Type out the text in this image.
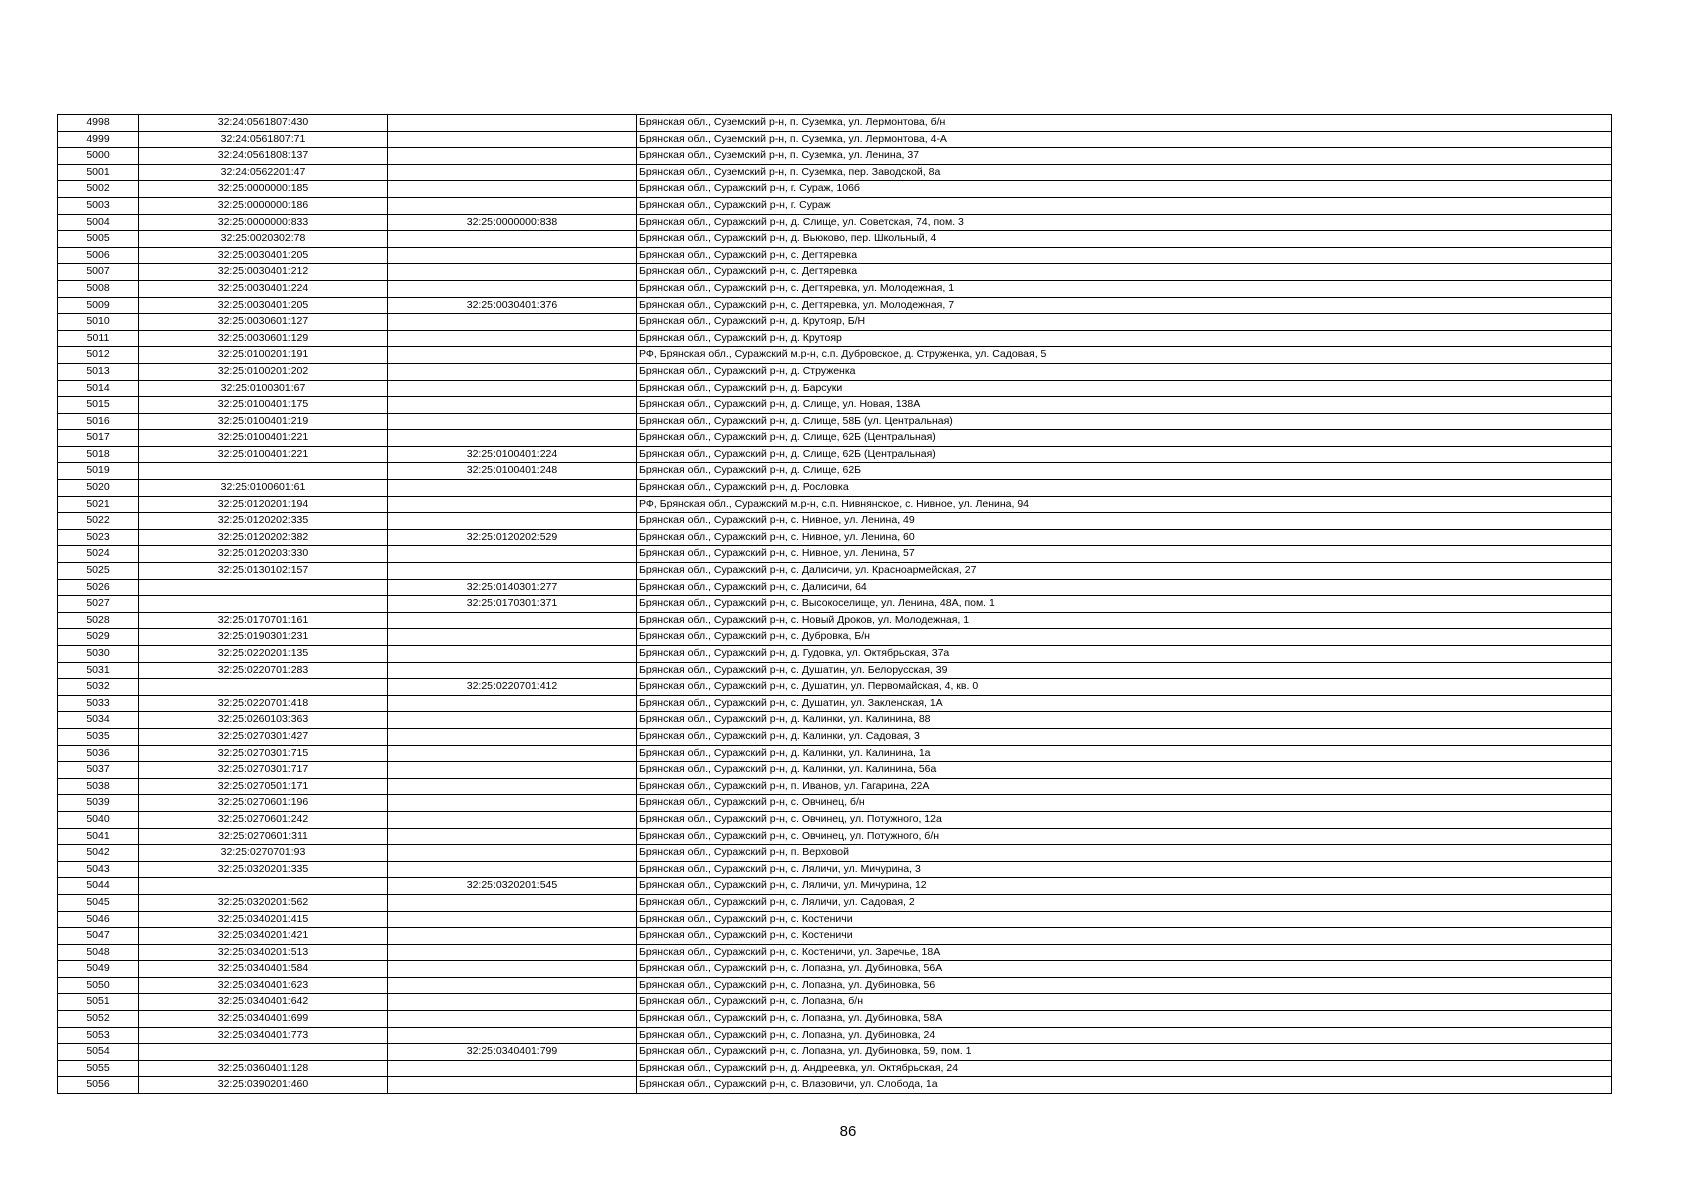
4998	32:24:0561807:430		Брянская обл., Суземский р-н, п. Суземка, ул. Лермонтова, б/н
4999	32:24:0561807:71		Брянская обл., Суземский р-н, п. Суземка, ул. Лермонтова, 4-А
5000	32:24:0561808:137		Брянская обл., Суземский р-н, п. Суземка, ул. Ленина, 37
5001	32:24:0562201:47		Брянская обл., Суземский р-н, п. Суземка, пер. Заводской, 8а
5002	32:25:0000000:185		Брянская обл., Суражский р-н, г. Сураж, 106б
5003	32:25:0000000:186		Брянская обл., Суражский р-н, г. Сураж
5004	32:25:0000000:833	32:25:0000000:838	Брянская обл., Суражский р-н, д. Слище, ул. Советская, 74, пом. 3
5005	32:25:0020302:78		Брянская обл., Суражский р-н, д. Вьюково, пер. Школьный, 4
5006	32:25:0030401:205		Брянская обл., Суражский р-н, с. Дегтяревка
5007	32:25:0030401:212		Брянская обл., Суражский р-н, с. Дегтяревка
5008	32:25:0030401:224		Брянская обл., Суражский р-н, с. Дегтяревка, ул. Молодежная, 1
5009	32:25:0030401:205	32:25:0030401:376	Брянская обл., Суражский р-н, с. Дегтяревка, ул. Молодежная, 7
5010	32:25:0030601:127		Брянская обл., Суражский р-н, д. Крутояр, Б/Н
5011	32:25:0030601:129		Брянская обл., Суражский р-н, д. Крутояр
5012	32:25:0100201:191		РФ, Брянская обл., Суражский м.р-н, с.п. Дубровское, д. Струженка, ул. Садовая, 5
5013	32:25:0100201:202		Брянская обл., Суражский р-н, д. Струженка
5014	32:25:0100301:67		Брянская обл., Суражский р-н, д. Барсуки
5015	32:25:0100401:175		Брянская обл., Суражский р-н, д. Слище, ул. Новая, 138А
5016	32:25:0100401:219		Брянская обл., Суражский р-н, д. Слище, 58Б (ул. Центральная)
5017	32:25:0100401:221		Брянская обл., Суражский р-н, д. Слище, 62Б (Центральная)
5018	32:25:0100401:221	32:25:0100401:224	Брянская обл., Суражский р-н, д. Слище, 62Б (Центральная)
5019		32:25:0100401:248	Брянская обл., Суражский р-н, д. Слище, 62Б
5020	32:25:0100601:61		Брянская обл., Суражский р-н, д. Рословка
5021	32:25:0120201:194		РФ, Брянская обл., Суражский м.р-н, с.п. Нивнянское, с. Нивное, ул. Ленина, 94
5022	32:25:0120202:335		Брянская обл., Суражский р-н, с. Нивное, ул. Ленина, 49
5023	32:25:0120202:382	32:25:0120202:529	Брянская обл., Суражский р-н, с. Нивное, ул. Ленина, 60
5024	32:25:0120203:330		Брянская обл., Суражский р-н, с. Нивное, ул. Ленина, 57
5025	32:25:0130102:157		Брянская обл., Суражский р-н, с. Далисичи, ул. Красноармейская, 27
5026		32:25:0140301:277	Брянская обл., Суражский р-н, с. Далисичи, 64
5027		32:25:0170301:371	Брянская обл., Суражский р-н, с. Высокоселище, ул. Ленина, 48А, пом. 1
5028	32:25:0170701:161		Брянская обл., Суражский р-н, с. Новый Дроков, ул. Молодежная, 1
5029	32:25:0190301:231		Брянская обл., Суражский р-н, с. Дубровка, Б/н
5030	32:25:0220201:135		Брянская обл., Суражский р-н, д. Гудовка, ул. Октябрьская, 37а
5031	32:25:0220701:283		Брянская обл., Суражский р-н, с. Душатин, ул. Белорусская, 39
5032		32:25:0220701:412	Брянская обл., Суражский р-н, с. Душатин, ул. Первомайская, 4, кв. 0
5033	32:25:0220701:418		Брянская обл., Суражский р-н, с. Душатин, ул. Закленская, 1А
5034	32:25:0260103:363		Брянская обл., Суражский р-н, д. Калинки, ул. Калинина, 88
5035	32:25:0270301:427		Брянская обл., Суражский р-н, д. Калинки, ул. Садовая, 3
5036	32:25:0270301:715		Брянская обл., Суражский р-н, д. Калинки, ул. Калинина, 1а
5037	32:25:0270301:717		Брянская обл., Суражский р-н, д. Калинки, ул. Калинина, 56а
5038	32:25:0270501:171		Брянская обл., Суражский р-н, п. Иванов, ул. Гагарина, 22А
5039	32:25:0270601:196		Брянская обл., Суражский р-н, с. Овчинец, б/н
5040	32:25:0270601:242		Брянская обл., Суражский р-н, с. Овчинец, ул. Потужного, 12а
5041	32:25:0270601:311		Брянская обл., Суражский р-н, с. Овчинец, ул. Потужного, б/н
5042	32:25:0270701:93		Брянская обл., Суражский р-н, п. Верховой
5043	32:25:0320201:335		Брянская обл., Суражский р-н, с. Ляличи, ул. Мичурина, 3
5044		32:25:0320201:545	Брянская обл., Суражский р-н, с. Ляличи, ул. Мичурина, 12
5045	32:25:0320201:562		Брянская обл., Суражский р-н, с. Ляличи, ул. Садовая, 2
5046	32:25:0340201:415		Брянская обл., Суражский р-н, с. Костеничи
5047	32:25:0340201:421		Брянская обл., Суражский р-н, с. Костеничи
5048	32:25:0340201:513		Брянская обл., Суражский р-н, с. Костеничи, ул. Заречье, 18А
5049	32:25:0340401:584		Брянская обл., Суражский р-н, с. Лопазна, ул. Дубиновка, 56А
5050	32:25:0340401:623		Брянская обл., Суражский р-н, с. Лопазна, ул. Дубиновка, 56
5051	32:25:0340401:642		Брянская обл., Суражский р-н, с. Лопазна, б/н
5052	32:25:0340401:699		Брянская обл., Суражский р-н, с. Лопазна, ул. Дубиновка, 58А
5053	32:25:0340401:773		Брянская обл., Суражский р-н, с. Лопазна, ул. Дубиновка, 24
5054		32:25:0340401:799	Брянская обл., Суражский р-н, с. Лопазна, ул. Дубиновка, 59, пом. 1
5055	32:25:0360401:128		Брянская обл., Суражский р-н, д. Андреевка, ул. Октябрьская, 24
5056	32:25:0390201:460		Брянская обл., Суражский р-н, с. Влазовичи, ул. Слобода, 1а
86
